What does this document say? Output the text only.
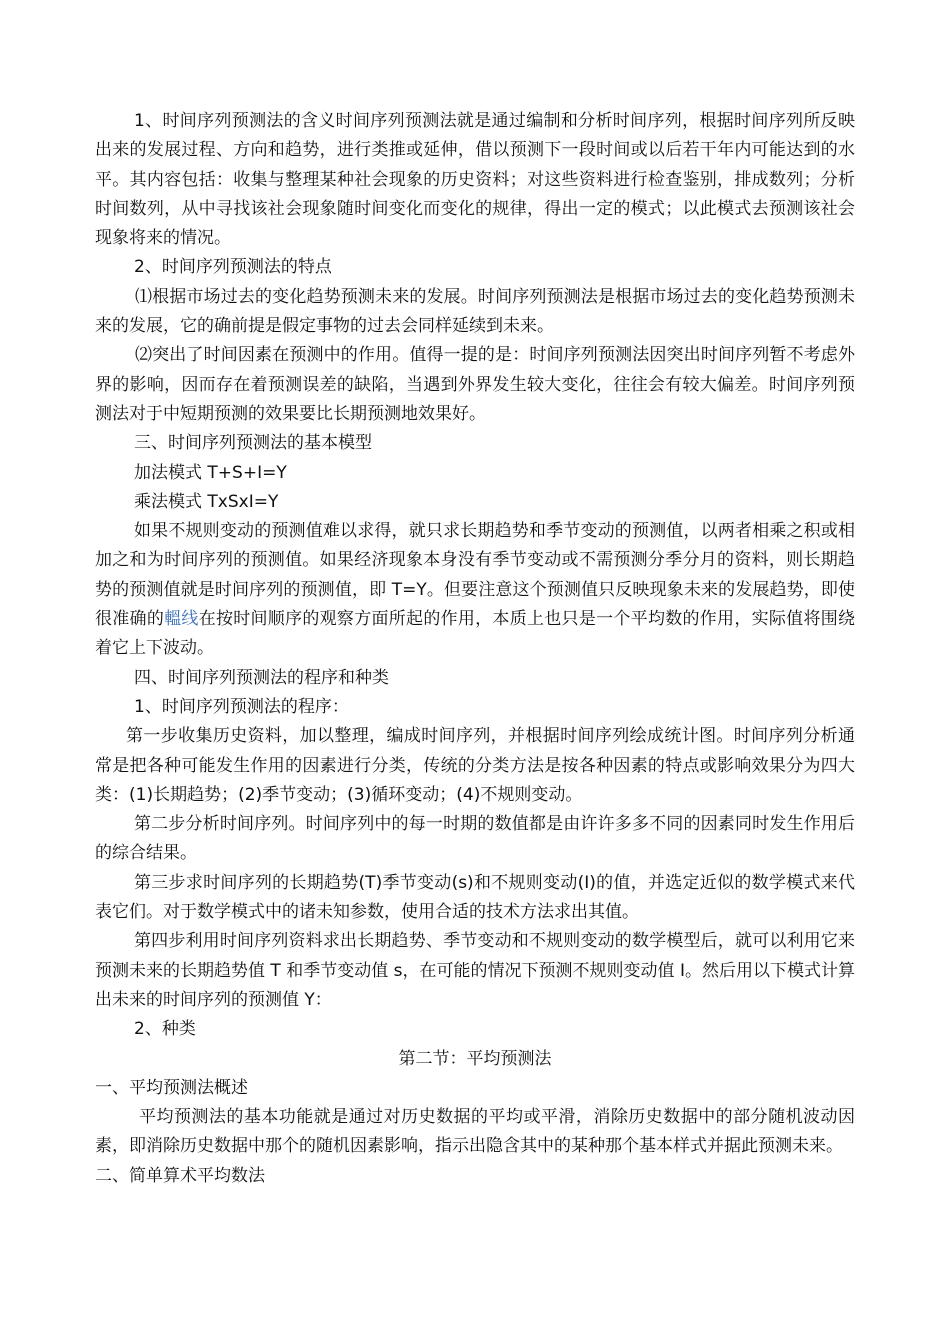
1、时间序列预测法的含义时间序列预测法就是通过编制和分析时间序列，根据时间序列所反映出来的发展过程、方向和趋势，进行类推或延伸，借以预测下一段时间或以后若干年内可能达到的水平。其内容包括：收集与整理某种社会现象的历史资料；对这些资料进行检查鉴别，排成数列；分析时间数列，从中寻找该社会现象随时间变化而变化的规律，得出一定的模式；以此模式去预测该社会现象将来的情况。

2、时间序列预测法的特点

⑴根据市场过去的变化趋势预测未来的发展。时间序列预测法是根据市场过去的变化趋势预测未来的发展，它的确前提是假定事物的过去会同样延续到未来。

⑵突出了时间因素在预测中的作用。值得一提的是：时间序列预测法因突出时间序列暂不考虑外界的影响，因而存在着预测误差的缺陷，当遇到外界发生较大变化，往往会有较大偏差。时间序列预测法对于中短期预测的效果要比长期预测地效果好。

三、时间序列预测法的基本模型

加法模式 T+S+I=Y

乘法模式 TxSxI=Y

如果不规则变动的预测值难以求得，就只求长期趋势和季节变动的预测值，以两者相乘之积或相加之和为时间序列的预测值。如果经济现象本身没有季节变动或不需预测分季分月的资料，则长期趋势的预测值就是时间序列的预测值，即 T=Y。但要注意这个预测值只反映现象未来的发展趋势，即使很准确的轀线在按时间顺序的观察方面所起的作用，本质上也只是一个平均数的作用，实际值将围绕着它上下波动。

四、时间序列预测法的程序和种类

1、时间序列预测法的程序：

第一步收集历史资料，加以整理，编成时间序列，并根据时间序列绘成统计图。时间序列分析通常是把各种可能发生作用的因素进行分类，传统的分类方法是按各种因素的特点或影响效果分为四大类：(1)长期趋势；(2)季节变动；(3)循环变动；(4)不规则变动。

第二步分析时间序列。时间序列中的每一时期的数值都是由许许多多不同的因素同时发生作用后的综合结果。

第三步求时间序列的长期趋势(T)季节变动(s)和不规则变动(I)的值，并选定近似的数学模式来代表它们。对于数学模式中的诸未知参数，使用合适的技术方法求出其值。

第四步利用时间序列资料求出长期趋势、季节变动和不规则变动的数学模型后，就可以利用它来预测未来的长期趋势值 T 和季节变动值 s，在可能的情况下预测不规则变动值 I。然后用以下模式计算出未来的时间序列的预测值 Y：

2、种类

第二节：平均预测法

一、平均预测法概述

平均预测法的基本功能就是通过对历史数据的平均或平滑，消除历史数据中的部分随机波动因素，即消除历史数据中那个的随机因素影响，指示出隐含其中的某种那个基本样式并据此预测未来。

二、简单算术平均数法
